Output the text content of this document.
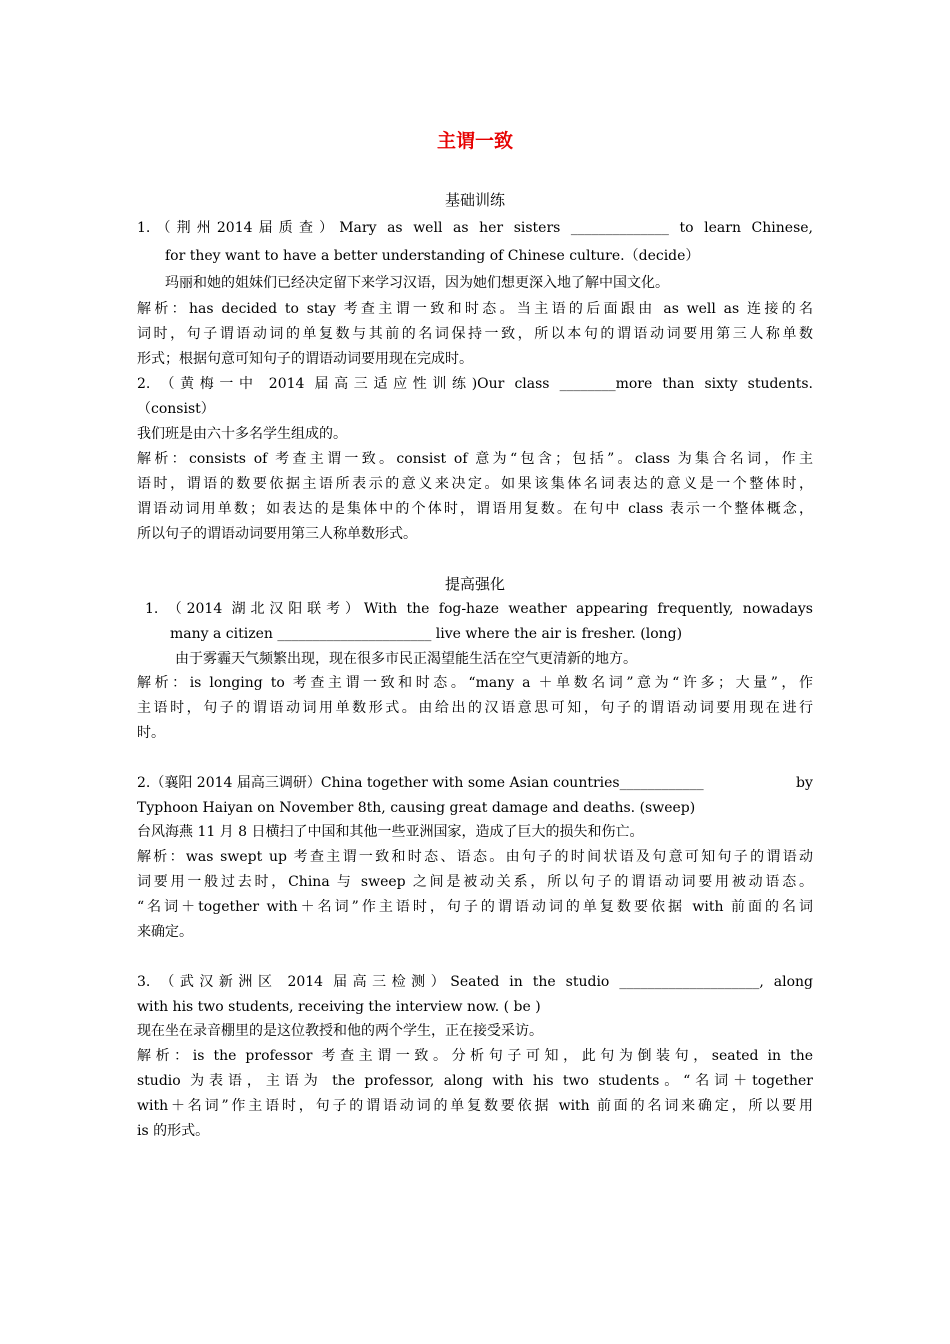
主谓一致
基础训练
1.（荆州2014届质查）Mary as well as her sisters ______________ to learn Chinese,
for they want to have a better understanding of Chinese culture.（decide）
玛丽和她的姐妹们已经决定留下来学习汉语，因为她们想更深入地了解中国文化。
解析：has decided to stay 考查主谓一致和时态。当主语的后面跟由 as well as 连接的名
词时，句子谓语动词的单复数与其前的名词保持一致，所以本句的谓语动词要用第三人称单数
形式；根据句意可知句子的谓语动词要用现在完成时。
2. （黄梅一中 2014 届高三适应性训练)Our class ________more than sixty students.
（consist）
我们班是由六十多名学生组成的。
解析：consists of 考查主谓一致。consist of 意为“包含；包括”。class 为集合名词，作主
语时，谓语的数要依据主语所表示的意义来决定。如果该集体名词表达的意义是一个整体时，
谓语动词用单数；如表达的是集体中的个体时，谓语用复数。在句中 class 表示一个整体概念，
所以句子的谓语动词要用第三人称单数形式。
提高强化
1. （2014 湖北汉阳联考）With the fog-haze weather appearing frequently, nowadays
many a citizen ______________________ live where the air is fresher. (long)
由于雾霾天气频繁出现，现在很多市民正渴望能生活在空气更清新的地方。
解析：is longing to 考查主谓一致和时态。“many a ＋单数名词”意为“许多；大量”，作
主语时，句子的谓语动词用单数形式。由给出的汉语意思可知，句子的谓语动词要用现在进行
时。
2.（襄阳 2014 届高三调研）China together with some Asian countries____________	by
Typhoon Haiyan on November 8th, causing great damage and deaths. (sweep)
台风海燕 11 月 8 日横扫了中国和其他一些亚洲国家，造成了巨大的损失和伤亡。
解析：was swept up 考查主谓一致和时态、语态。由句子的时间状语及句意可知句子的谓语动
词要用一般过去时，China 与 sweep 之间是被动关系，所以句子的谓语动词要用被动语态。
“名词＋together with＋名词”作主语时，句子的谓语动词的单复数要依据 with 前面的名词
来确定。
3. （武汉新洲区 2014 届高三检测）Seated in the studio ____________________, along
with his two students, receiving the interview now. ( be )
现在坐在录音棚里的是这位教授和他的两个学生，正在接受采访。
解析：is the professor 考查主谓一致。分析句子可知，此句为倒装句，seated in the
studio 为表语，主语为 the professor, along with his two students。“名词＋together
with＋名词”作主语时，句子的谓语动词的单复数要依据 with 前面的名词来确定，所以要用
is 的形式。
